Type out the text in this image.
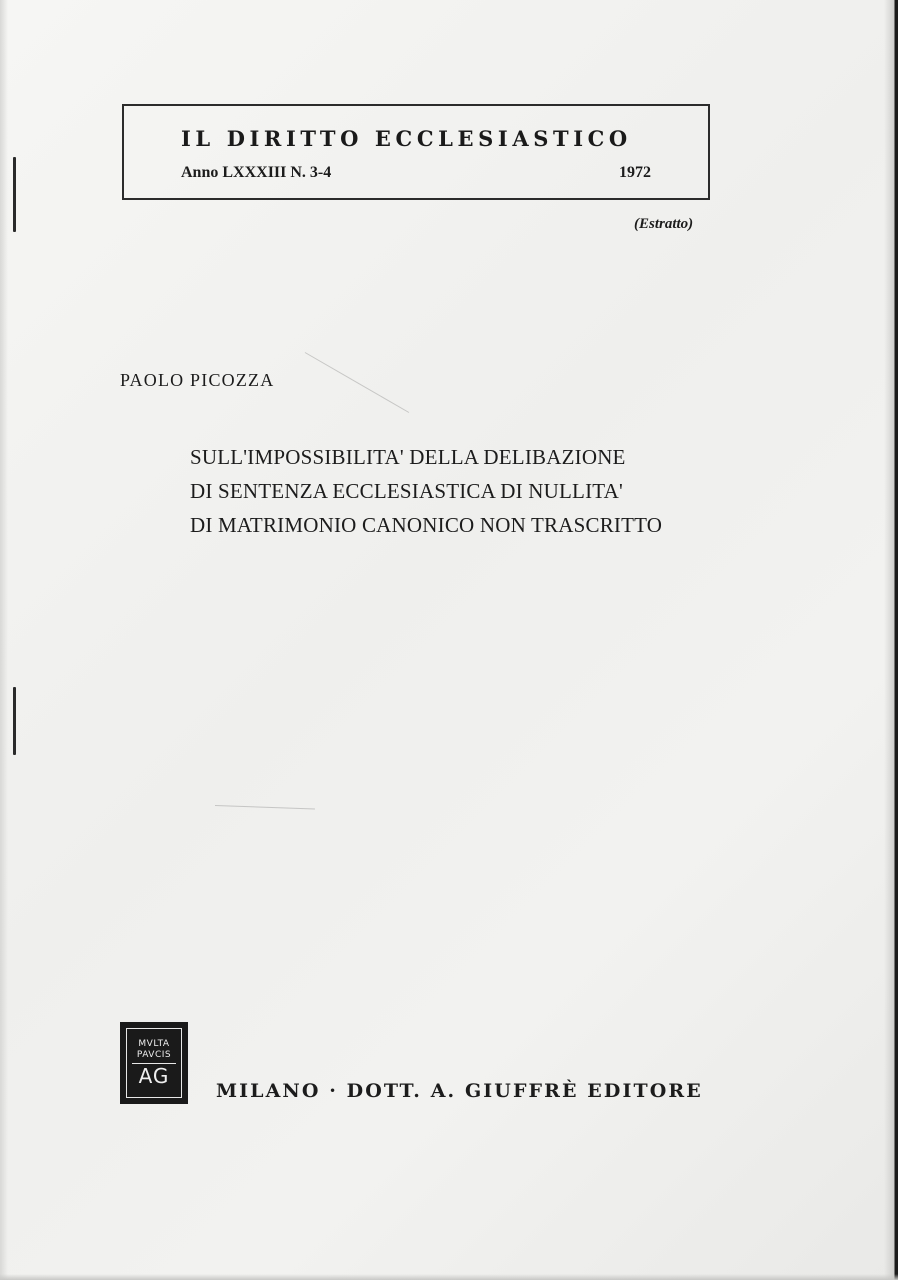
IL DIRITTO ECCLESIASTICO
Anno LXXXIII N. 3-4	1972
(Estratto)
PAOLO PICOZZA
SULL'IMPOSSIBILITA' DELLA DELIBAZIONE
DI SENTENZA ECCLESIASTICA DI NULLITA'
DI MATRIMONIO CANONICO NON TRASCRITTO
MVLTA
PAVCIS
AG
MILANO · DOTT. A. GIUFFRÈ EDITORE
